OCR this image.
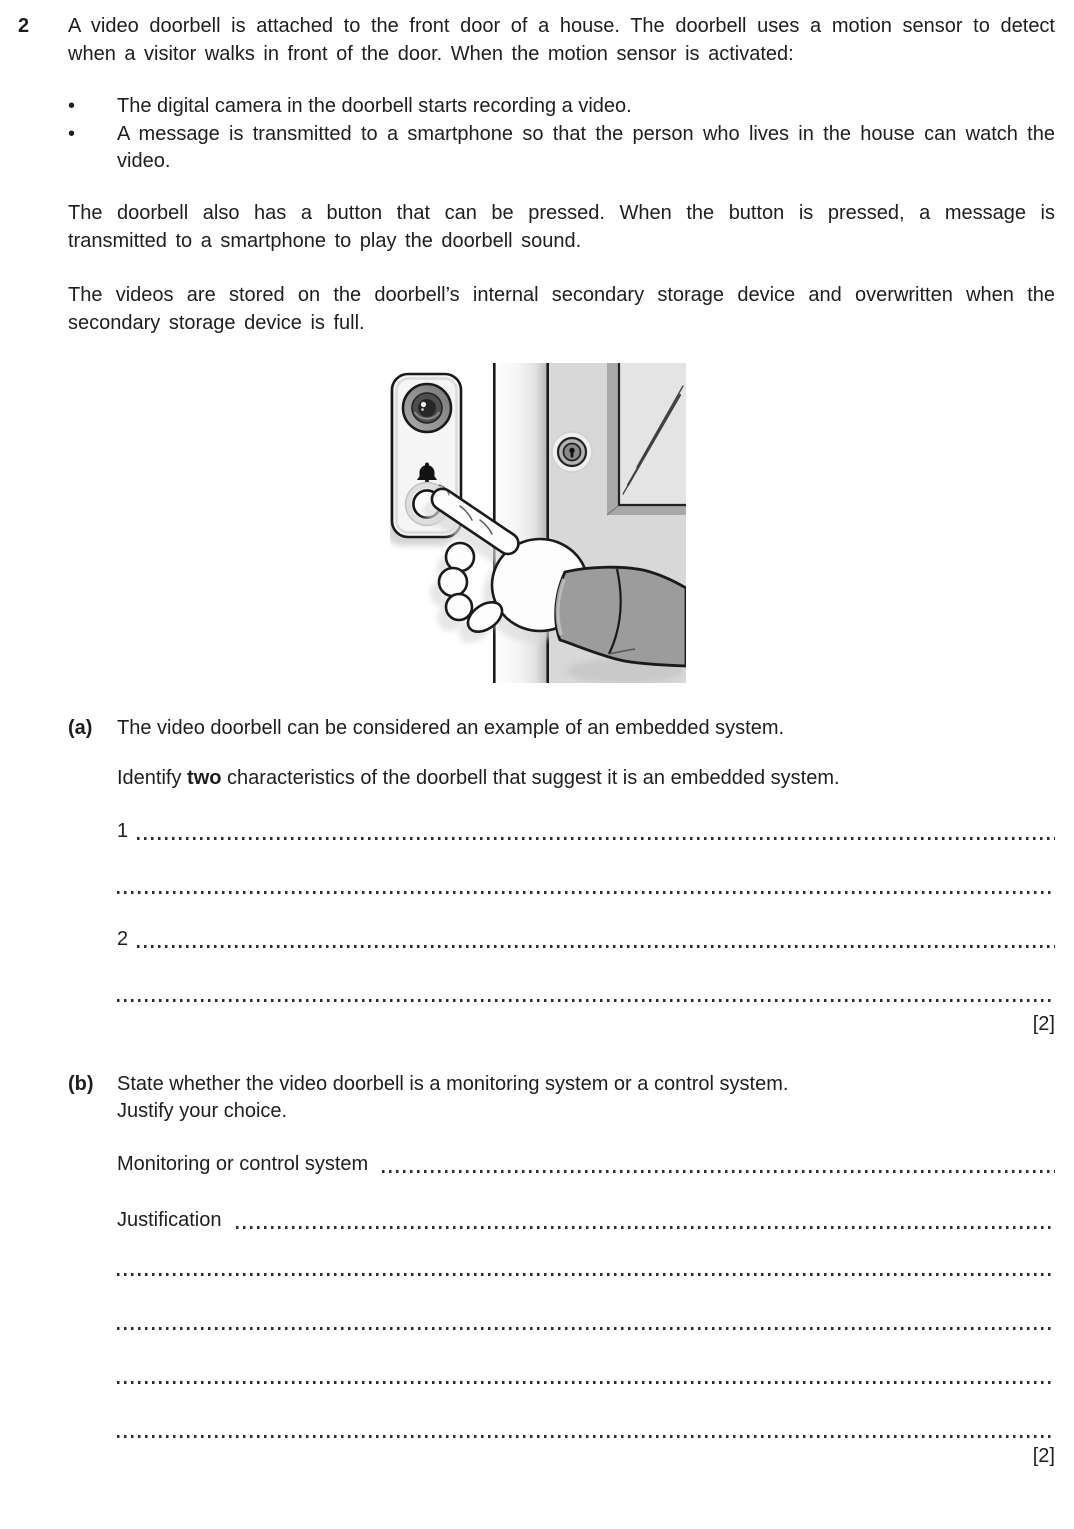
2 A video doorbell is attached to the front door of a house. The doorbell uses a motion sensor to detect when a visitor walks in front of the door. When the motion sensor is activated:
•	The digital camera in the doorbell starts recording a video.
•	A message is transmitted to a smartphone so that the person who lives in the house can watch the video.
The doorbell also has a button that can be pressed. When the button is pressed, a message is transmitted to a smartphone to play the doorbell sound.
The videos are stored on the doorbell’s internal secondary storage device and overwritten when the secondary storage device is full.
(a) The video doorbell can be considered an example of an embedded system.
Identify two characteristics of the doorbell that suggest it is an embedded system.
1
2
[2]
(b) State whether the video doorbell is a monitoring system or a control system.
Justify your choice.
Monitoring or control system
Justification
[2]
